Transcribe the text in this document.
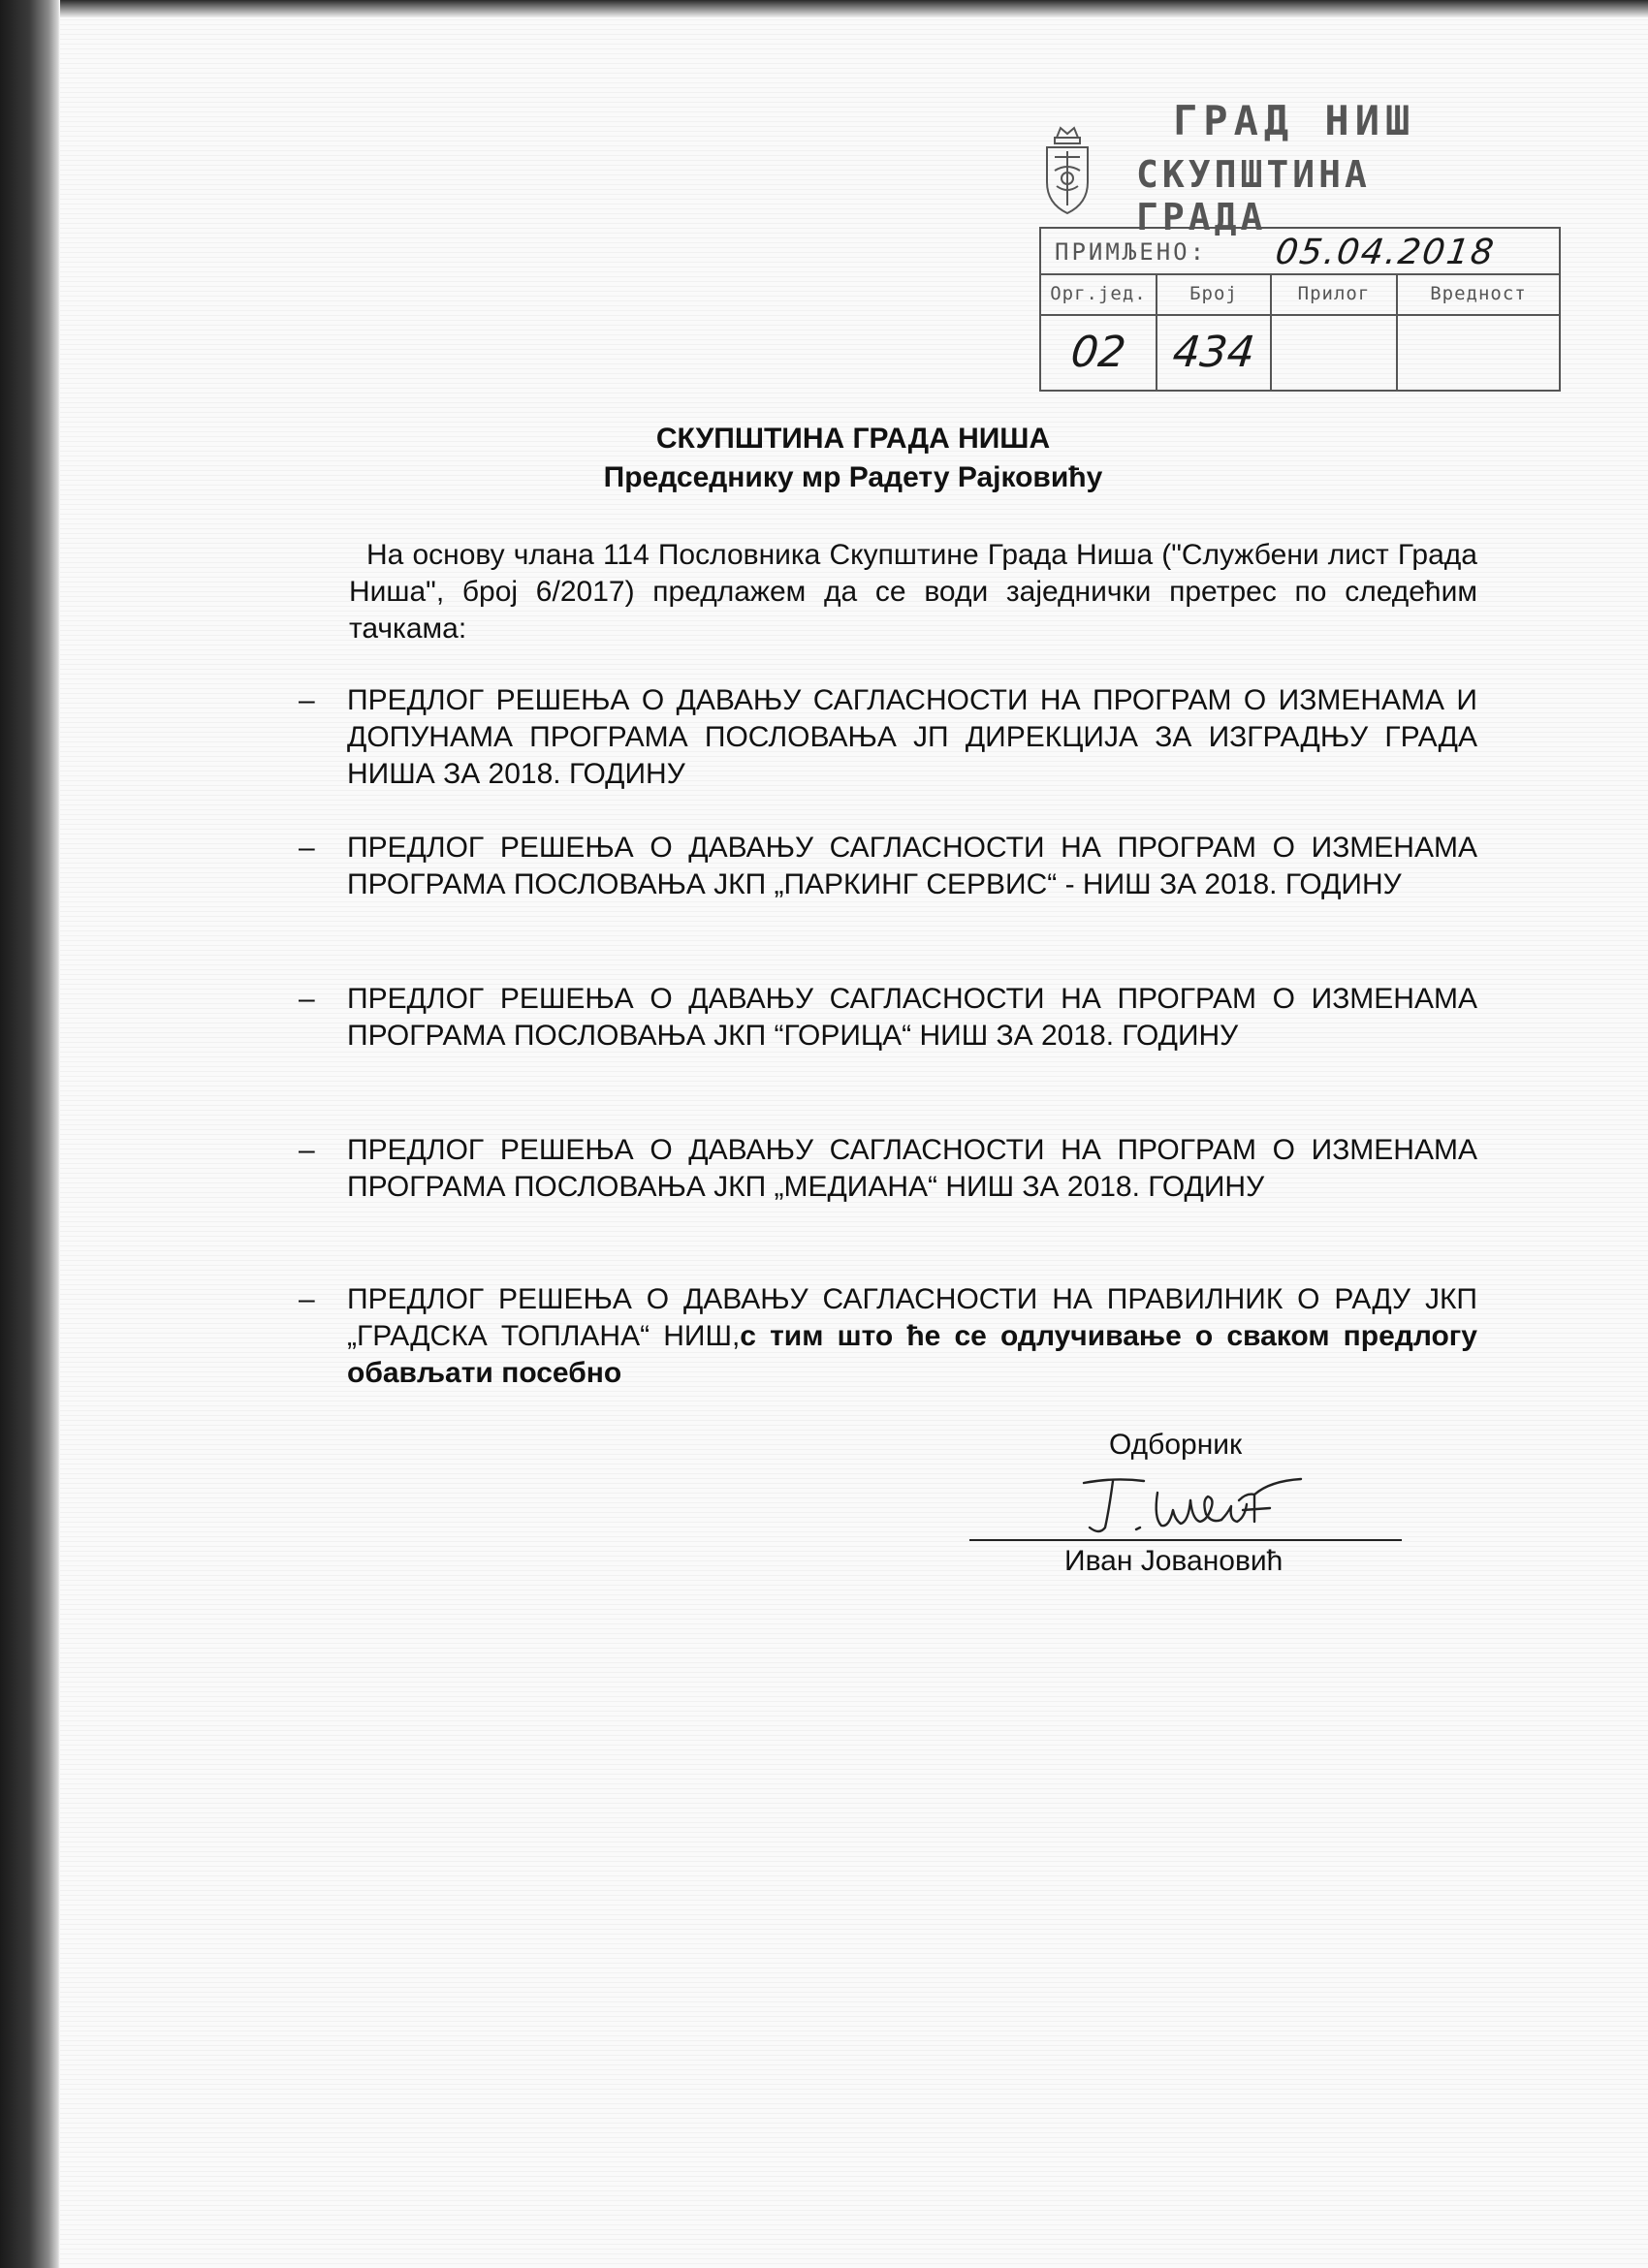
ГРАД НИШ
СКУПШТИНА ГРАДА
ПРИМЉЕНО: 05.04.2018
Орг.јед. Број	Прилог	Вредност
02 434
СКУПШТИНА ГРАДА НИША
Председнику мр Радету Рајковићу
На основу члана 114 Пословника Скупштине Града Ниша ("Службени лист Града Ниша", број 6/2017) предлажем да се води заједнички претрес по следећим тачкама:
– ПРЕДЛОГ РЕШЕЊА О ДАВАЊУ САГЛАСНОСТИ НА ПРОГРАМ О ИЗМЕНАМА И ДОПУНАМА ПРОГРАМА ПОСЛОВАЊА ЈП ДИРЕКЦИЈА ЗА ИЗГРАДЊУ ГРАДА НИША ЗА 2018. ГОДИНУ
– ПРЕДЛОГ РЕШЕЊА О ДАВАЊУ САГЛАСНОСТИ НА ПРОГРАМ О ИЗМЕНАМА ПРОГРАМА ПОСЛОВАЊА ЈКП „ПАРКИНГ СЕРВИС“ - НИШ ЗА 2018. ГОДИНУ
– ПРЕДЛОГ РЕШЕЊА О ДАВАЊУ САГЛАСНОСТИ НА ПРОГРАМ О ИЗМЕНАМА ПРОГРАМА ПОСЛОВАЊА ЈКП “ГОРИЦА“ НИШ ЗА 2018. ГОДИНУ
– ПРЕДЛОГ РЕШЕЊА О ДАВАЊУ САГЛАСНОСТИ НА ПРОГРАМ О ИЗМЕНАМА ПРОГРАМА ПОСЛОВАЊА ЈКП „МЕДИАНА“ НИШ ЗА 2018. ГОДИНУ
– ПРЕДЛОГ РЕШЕЊА О ДАВАЊУ САГЛАСНОСТИ НА ПРАВИЛНИК О РАДУ ЈКП „ГРАДСКА ТОПЛАНА“ НИШ,с тим што ће се одлучивање о сваком предлогу обављати посебно
Одборник
Иван Јовановић
